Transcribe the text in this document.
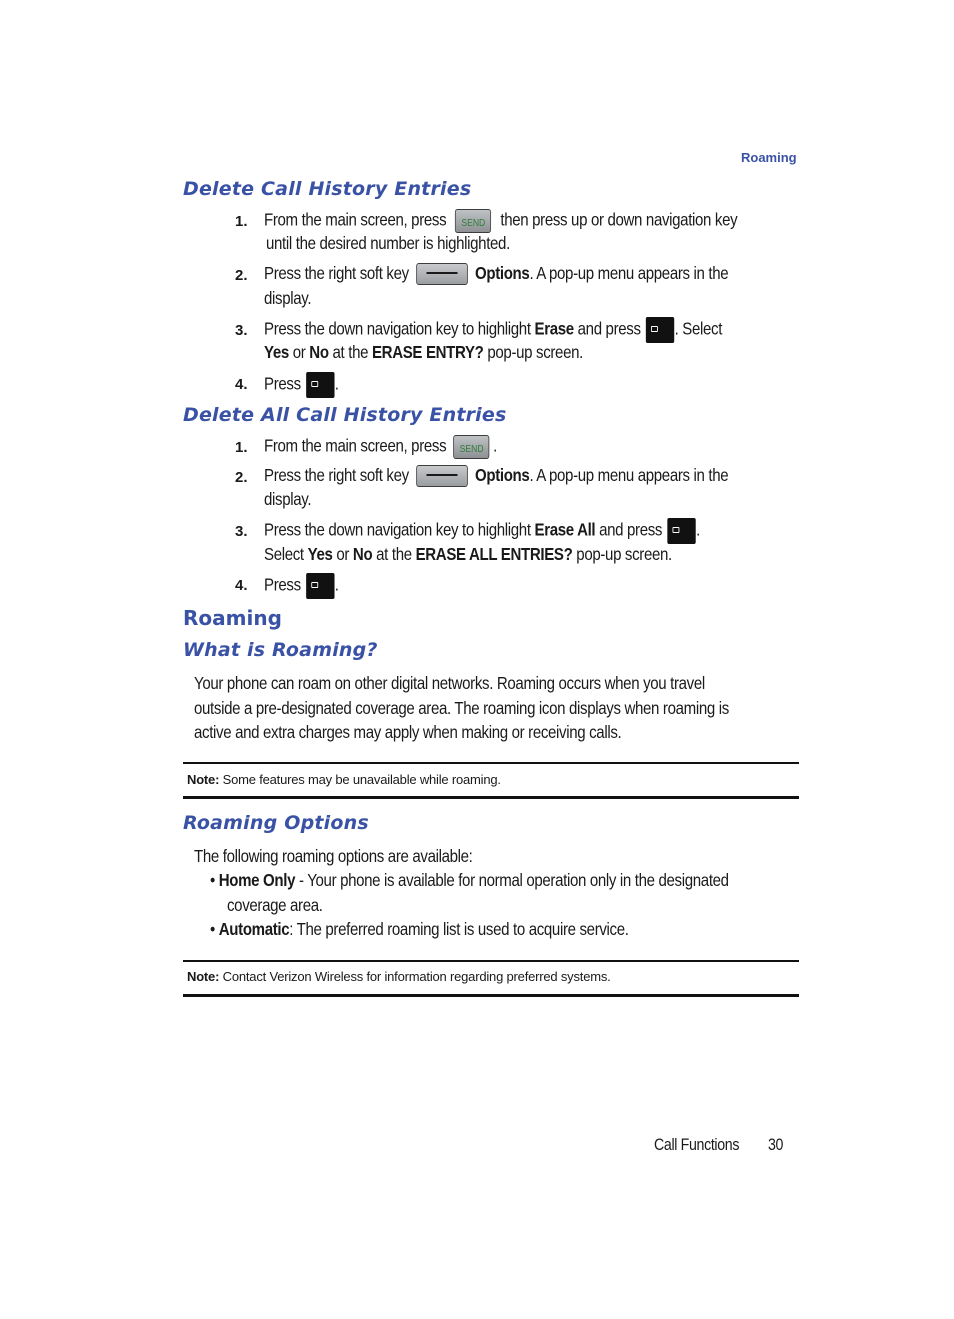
Roaming
Delete Call History Entries
1. From the main screen, press SEND then press up or down navigation key
until the desired number is highlighted.
2. Press the right soft key	Options. A pop-up menu appears in the
display.
3. Press the down navigation key to highlight Erase and press . Select
Yes or No at the ERASE ENTRY? pop-up screen.
4. Press .
Delete All Call History Entries
1. From the main screen, press SEND .
2. Press the right soft key	Options. A pop-up menu appears in the
display.
3. Press the down navigation key to highlight Erase All and press .
Select Yes or No at the ERASE ALL ENTRIES? pop-up screen.
4. Press .
Roaming
What is Roaming?
Your phone can roam on other digital networks. Roaming occurs when you travel
outside a pre-designated coverage area. The roaming icon displays when roaming is
active and extra charges may apply when making or receiving calls.
Note: Some features may be unavailable while roaming.
Roaming Options
The following roaming options are available:
• Home Only - Your phone is available for normal operation only in the designated
coverage area.
• Automatic: The preferred roaming list is used to acquire service.
Note: Contact Verizon Wireless for information regarding preferred systems.
Call Functions 30
